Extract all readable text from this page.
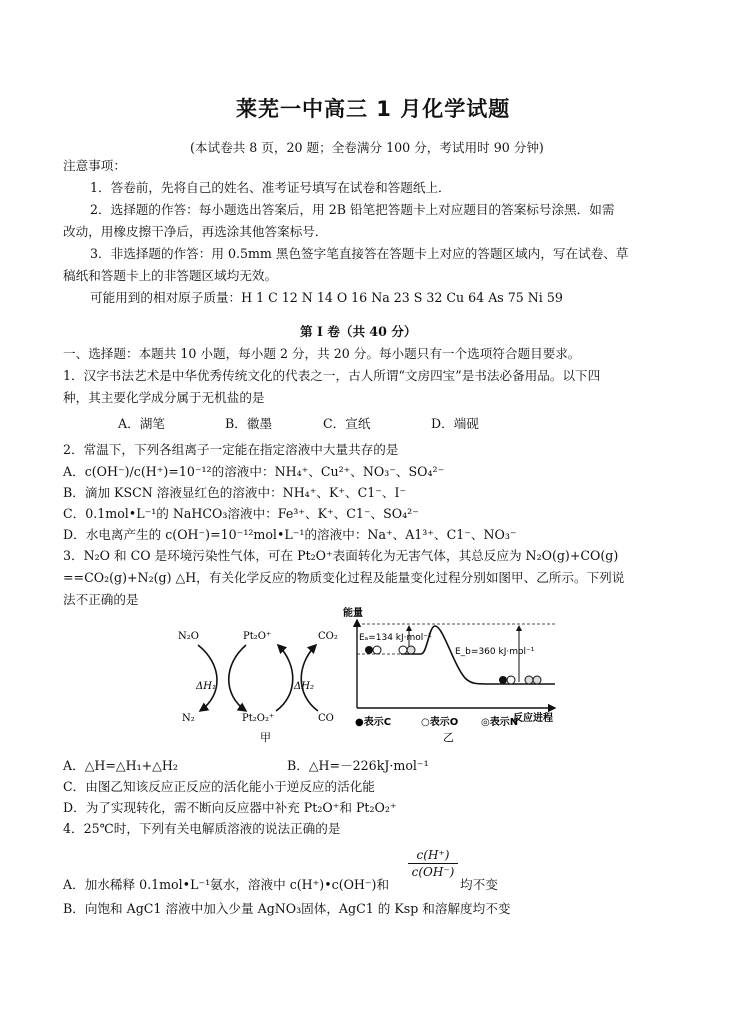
莱芜一中高三 1 月化学试题
(本试卷共 8 页，20 题；全卷满分 100 分，考试用时 90 分钟)
注意事项：
1．答卷前，先将自己的姓名、准考证号填写在试卷和答题纸上．
2．选择题的作答：每小题选出答案后，用 2B 铅笔把答题卡上对应题目的答案标号涂黑．如需
改动，用橡皮擦干净后，再选涂其他答案标号．
3．非选择题的作答：用 0.5mm 黑色签字笔直接答在答题卡上对应的答题区域内，写在试卷、草
稿纸和答题卡上的非答题区域均无效。
可能用到的相对原子质量：H 1 C 12 N 14 O 16 Na 23 S 32 Cu 64 As 75 Ni 59
第 I 卷（共 40 分）
一、选择题：本题共 10 小题，每小题 2 分，共 20 分。每小题只有一个选项符合题目要求。
1．汉字书法艺术是中华优秀传统文化的代表之一，古人所谓“文房四宝”是书法必备用品。以下四
种，其主要化学成分属于无机盐的是
A．湖笔	B．徽墨	C．宣纸	D．端砚
2．常温下，下列各组离子一定能在指定溶液中大量共存的是
A．c(OH⁻)/c(H⁺)=10⁻¹²的溶液中：NH₄⁺、Cu²⁺、NO₃⁻、SO₄²⁻
B．滴加 KSCN 溶液显红色的溶液中：NH₄⁺、K⁺、C1⁻、I⁻
C．0.1mol•L⁻¹的 NaHCO₃溶液中：Fe³⁺、K⁺、C1⁻、SO₄²⁻
D．水电离产生的 c(OH⁻)=10⁻¹²mol•L⁻¹的溶液中：Na⁺、A1³⁺、C1⁻、NO₃⁻
3．N₂O 和 CO 是环境污染性气体，可在 Pt₂O⁺表面转化为无害气体，其总反应为 N₂O(g)+CO(g)
==CO₂(g)+N₂(g) △H，有关化学反应的物质变化过程及能量变化过程分别如图甲、乙所示。下列说
法不正确的是
N₂O	Pt₂O⁺	CO₂
ΔH₁	ΔH₂
N₂	Pt₂O₂⁺	CO
甲
能量
Eₐ=134 kJ·mol⁻¹
E_b=360 kJ·mol⁻¹
反应进程
●表示C	○表示O ◎表示N
乙
A．△H=△H₁+△H₂	B．△H=－226kJ·mol⁻¹
C．由图乙知该反应正反应的活化能小于逆反应的活化能
D．为了实现转化，需不断向反应器中补充 Pt₂O⁺和 Pt₂O₂⁺
4．25℃时，下列有关电解质溶液的说法正确的是
A．加水稀释 0.1mol•L⁻¹氨水，溶液中 c(H⁺)•c(OH⁻)和
c(H⁺)
c(OH⁻)
均不变
B．向饱和 AgC1 溶液中加入少量 AgNO₃固体，AgC1 的 Ksp 和溶解度均不变
